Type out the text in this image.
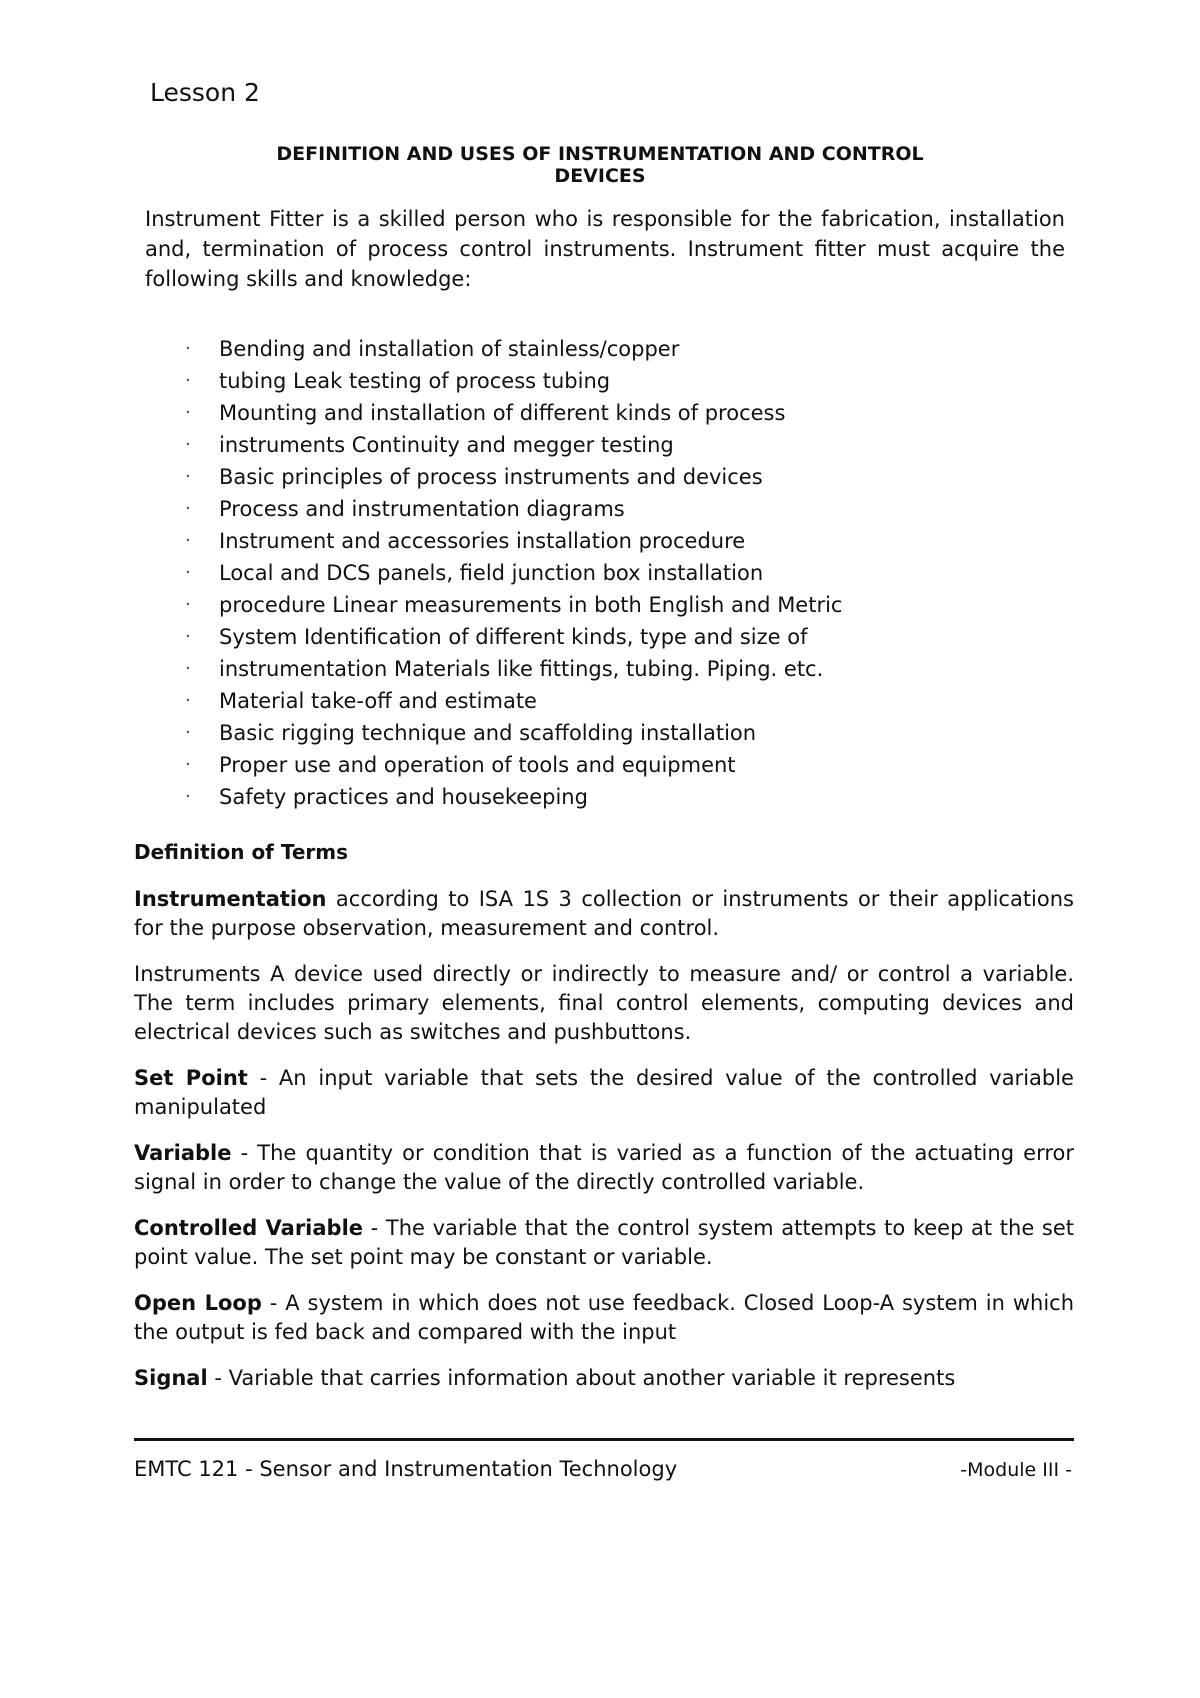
Lesson 2
DEFINITION AND USES OF INSTRUMENTATION AND CONTROL
DEVICES

Instrument Fitter is a skilled person who is responsible for the fabrication, installation and, termination of process control instruments. Instrument fitter must acquire the following skills and knowledge:

· Bending and installation of stainless/copper
· tubing Leak testing of process tubing
· Mounting and installation of different kinds of process
· instruments Continuity and megger testing
· Basic principles of process instruments and devices
· Process and instrumentation diagrams
· Instrument and accessories installation procedure
· Local and DCS panels, field junction box installation
· procedure Linear measurements in both English and Metric
· System Identification of different kinds, type and size of
· instrumentation Materials like fittings, tubing. Piping. etc.
· Material take-off and estimate
· Basic rigging technique and scaffolding installation
· Proper use and operation of tools and equipment
· Safety practices and housekeeping
Definition of Terms

Instrumentation according to ISA 1S 3 collection or instruments or their applications for the purpose observation, measurement and control.

Instruments A device used directly or indirectly to measure and/ or control a variable. The term includes primary elements, final control elements, computing devices and electrical devices such as switches and pushbuttons.

Set Point - An input variable that sets the desired value of the controlled variable manipulated

Variable - The quantity or condition that is varied as a function of the actuating error signal in order to change the value of the directly controlled variable.

Controlled Variable - The variable that the control system attempts to keep at the set point value. The set point may be constant or variable.

Open Loop - A system in which does not use feedback. Closed Loop-A system in which the output is fed back and compared with the input

Signal - Variable that carries information about another variable it represents

EMTC 121 - Sensor and Instrumentation Technology	-Module III -
